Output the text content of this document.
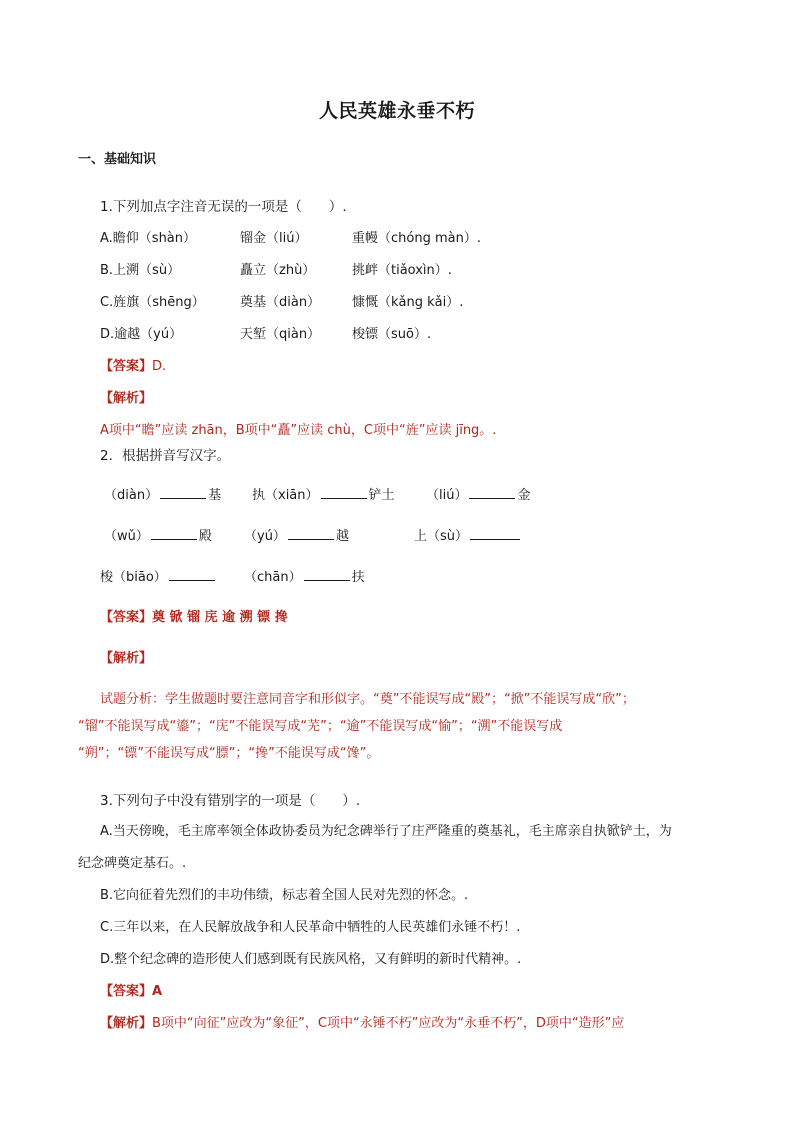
人民英雄永垂不朽
一、基础知识
1.下列加点字注音无误的一项是（　　）.
A.瞻仰（shàn）	镏金（liú）	重幔（chóng màn）.
B.上溯（sù）	矗立（zhù）	挑衅（tiǎoxìn）.
C.旌旗（shēng）	奠基（diàn） 慷慨（kǎng kǎi）.
D.逾越（yú）	天堑（qiàn） 梭镖（suō）.
【答案】D.
【解析】
A项中“瞻”应读 zhān，B项中“矗”应读 chù，C项中“旌”应读 jīng。.
2．根据拼音写汉字。
（diàn）	基 执（xiān）	铲土 （liú）	金
（wǔ）	殿 （yú）	越	上（sù）
梭（biāo）	（chān）	扶
【答案】奠 锨 镏 庑 逾 溯 镖 搀
【解析】
试题分析：学生做题时要注意同音字和形似字。“奠”不能误写成“殿”；“掀”不能误写成“欣”；
“镏”不能误写成“鎏”；“庑”不能误写成“芜”；“逾”不能误写成“愉”；“溯”不能误写成
“朔”；“镖”不能误写成“膘”；“搀”不能误写成“馋”。
3.下列句子中没有错别字的一项是（　　）.
A.当天傍晚，毛主席率领全体政协委员为纪念碑举行了庄严隆重的奠基礼，毛主席亲自执锨铲土，为
纪念碑奠定基石。.
B.它向征着先烈们的丰功伟绩，标志着全国人民对先烈的怀念。.
C.三年以来，在人民解放战争和人民革命中牺牲的人民英雄们永锤不朽！.
D.整个纪念碑的造形使人们感到既有民族风格，又有鲜明的新时代精神。.
【答案】A
【解析】B项中“向征”应改为“象征”，C项中“永锤不朽”应改为“永垂不朽”，D项中“造形”应
